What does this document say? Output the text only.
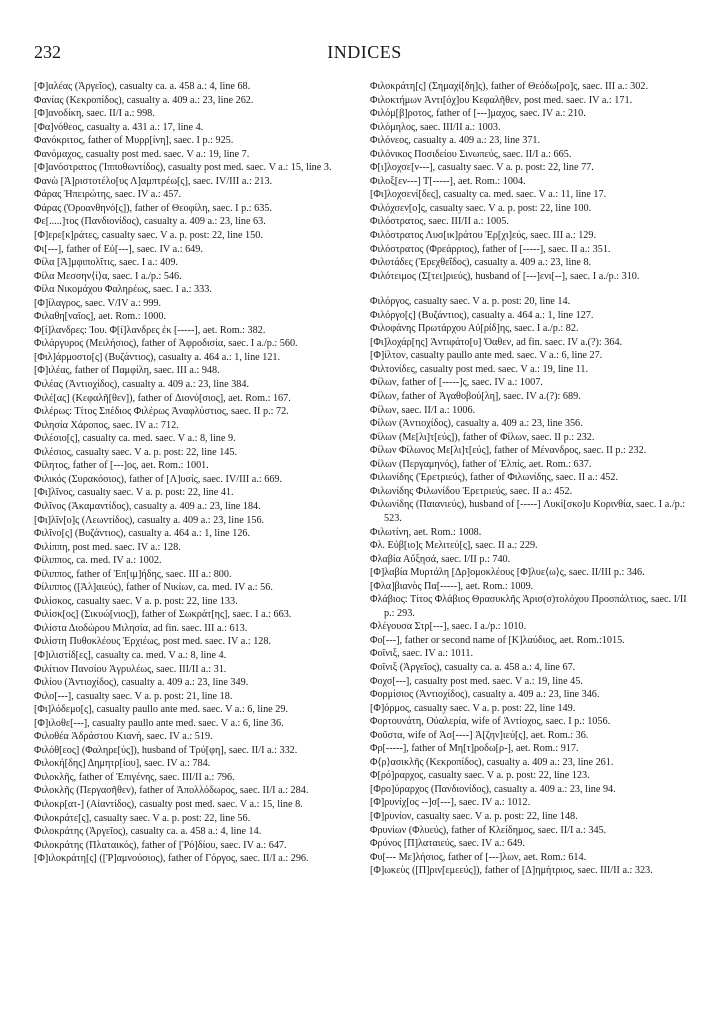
232	INDICES

[Φ]αλέας (Ἀργεῖος), casualty ca. a. 458 a.: 4, line 68.

Φανίας (Κεκροπίδος), casualty a. 409 a.: 23, line 262.

[Φ]ανοδίκη, saec. II/I a.: 998.

[Φα]νόθεος, casualty a. 431 a.: 17, line 4.

Φανόκριτος, father of Μυρρ[ίνη], saec. I p.: 925.

Φανόμαχος, casualty post med. saec. V a.: 19, line 7.

[Φ]ανόστρατος (Ἱπποθωντίδος), casualty post med. saec. V a.: 15, line 3.

Φανὼ [Ἀ]ριστοτέλο[υς Λ]αμπτρέω[ς], saec. IV/III a.: 213.

Φάρας Ἠπειρώτης, saec. IV a.: 457.

Φάρας (Ὀροανθηνό[ς]), father of Θεοφίλη, saec. I p.: 635.

Φε[.....]τος (Πανδιονίδος), casualty a. 409 a.: 23, line 63.

[Φ]ερε[κ]ράτες, casualty saec. V a. p. post: 22, line 150.

Φι[---], father of Εὐ[---], saec. IV a.: 649.

Φίλα [Ἀ]μφιπολῖτις, saec. I a.: 409.

Φίλα Μεσσην⟨ί⟩α, saec. I a./p.: 546.

Φίλα Νικομάχου Φαληρέως, saec. I a.: 333.

[Φ]ίλαγρος, saec. V/IV a.: 999.

Φιλαθη[ναῖος], aet. Rom.: 1000.

Φ[ί]λανδρες: Ἰου. Φ[ί]λανδρες ἐκ [-----], aet. Rom.: 382.

Φιλάργυρος (Μειλήσιος), father of Ἀφροδισία, saec. I a./p.: 560.

[Φιλ]άρμοστο[ς] (Βυζάντιος), casualty a. 464 a.: 1, line 121.

[Φ]ιλέας, father of Παμφίλη, saec. III a.: 948.

Φιλέας (Ἀντιοχίδος), casualty a. 409 a.: 23, line 384.

Φιλέ[ας] (Κεφαλῆ[θεν]), father of Διονύ[σιος], aet. Rom.: 167.

Φιλέρως: Τίτος Σπέδιος Φιλέρως Ἀναφλύστιος, saec. II p.: 72.

Φιλησία Χάροπος, saec. IV a.: 712.

Φιλέσιο[ς], casualty ca. med. saec. V a.: 8, line 9.

Φιλέσιος, casualty saec. V a. p. post: 22, line 145.

Φίλητος, father of [---]ος, aet. Rom.: 1001.

Φιλικός (Συρακόσιος), father of [Λ]υσίς, saec. IV/III a.: 669.

[Φι]λῖνος, casualty saec. V a. p. post: 22, line 41.

Φιλῖνος (Ἀκαμαντίδος), casualty a. 409 a.: 23, line 184.

[Φι]λῖν[ο]ς (Λεωντίδος), casualty a. 409 a.: 23, line 156.

Φιλῖνο[ς] (Βυζάντιος), casualty a. 464 a.: 1, line 126.

Φιλίππη, post med. saec. IV a.: 128.

Φίλιππος, ca. med. IV a.: 1002.

Φίλιππος, father of Ἐπ[ιμ]ήδης, saec. III a.: 800.

Φίλιππος ([Ἁλ]αιεύς), father of Νικίων, ca. med. IV a.: 56.

Φιλίσκος, casualty saec. V a. p. post: 22, line 133.

Φιλίσκ[ος] (Σικυώ[νιος]), father of Σωκράτ[ης], saec. I a.: 663.

Φιλίστα Διοδώρου Μιλησία, ad fin. saec. III a.: 613.

Φιλίστη Πυθοκλέους Ἐρχιέως, post med. saec. IV a.: 128.

[Φ]ιλιστίδ[ες], casualty ca. med. V a.: 8, line 4.

Φιλίτιον Πανσίου Ἀγρυλέως, saec. III/II a.: 31.

Φιλίου (Ἀντιοχίδος), casualty a. 409 a.: 23, line 349.

Φιλο[---], casualty saec. V a. p. post: 21, line 18.

[Φι]λόδεμο[ς], casualty paullo ante med. saec. V a.: 6, line 29.

[Φ]ιλοθε[---], casualty paullo ante med. saec. V a.: 6, line 36.

Φιλοθέα Ἀδράστου Κιανή, saec. IV a.: 519.

Φιλόθ[εος] (Φαληρε[ύς]), husband of Τρύ[φη], saec. II/I a.: 332.

Φιλοκή[δης] Δημητρ[ίου], saec. IV a.: 784.

Φιλοκλῆς, father of Ἐπιγένης, saec. III/II a.: 796.

Φιλοκλῆς (Περγασῆθεν), father of Ἀπολλόδωρος, saec. II/I a.: 284.

Φιλοκρ[ατ-] (Αἰαντίδος), casualty post med. saec. V a.: 15, line 8.

Φιλοκράτε[ς], casualty saec. V a. p. post: 22, line 56.

Φιλοκράτης (Ἀργεῖος), casualty ca. a. 458 a.: 4, line 14.

Φιλοκράτης (Πλαταικός), father of [Ῥό]δίου, saec. IV a.: 647.

[Φ]ιλοκράτη[ς] ([Ῥ]αμνούσιος), father of Γόργος, saec. II/I a.: 296.

Φιλοκράτη[ς] (Σημαχί[δη]ς), father of Θεόδω[ρο]ς, saec. III a.: 302.

Φιλοκτήμων Ἀντι[όχ]ου Κεφαλῆθεν, post med. saec. IV a.: 171.

Φιλόμ[β]ροτος, father of [---]μαχος, saec. IV a.: 210.

Φιλόμηλος, saec. III/II a.: 1003.

Φιλόνεος, casualty a. 409 a.: 23, line 371.

Φιλόνικος Ποσιδείου Σινωπεύς, saec. II/I a.: 665.

Φ[ι]λοχσε[ν---], casualty saec. V a. p. post: 22, line 77.

Φιλοξ[εν---] Τ[-----], aet. Rom.: 1004.

[Φι]λοχσενί[δες], casualty ca. med. saec. V a.: 11, line 17.

Φιλόχσεν[ο]ς, casualty saec. V a. p. post: 22, line 100.

Φιλόστρατος, saec. III/II a.: 1005.

Φιλόστρατος Λυσ[ικ]ράτου Ἐρ[χι]εύς, saec. III a.: 129.

Φιλόστρατος (Φρεάρριος), father of [-----], saec. II a.: 351.

Φιλοτάδες (Ἐρεχθεΐδος), casualty a. 409 a.: 23, line 8.

Φιλότειμος (Σ[τει]ριεύς), husband of [---]ενι[--], saec. I a./p.: 310.

Φιλόργος, casualty saec. V a. p. post: 20, line 14.

Φιλόργο[ς] (Βυζάντιος), casualty a. 464 a.: 1, line 127.

Φιλοφάνης Πρωτάρχου Αὐ[ρίδ]ης, saec. I a./p.: 82.

[Φι]λοχάρ[ης] Ἀντιφάτο[υ] Ὀαθεν, ad fin. saec. IV a.(?): 364.

[Φ]ίλτον, casualty paullo ante med. saec. V a.: 6, line 27.

Φιλτονίδες, casualty post med. saec. V a.: 19, line 11.

Φίλων, father of [-----]ς, saec. IV a.: 1007.

Φίλων, father of Ἀγαθοβού[λη], saec. IV a.(?): 689.

Φίλων, saec. II/I a.: 1006.

Φίλων (Ἀντιοχίδος), casualty a. 409 a.: 23, line 356.

Φίλων (Με[λι]τ[εύς]), father of Φίλων, saec. II p.: 232.

Φίλων Φίλωνος Με[λι]τ[εύς], father of Μένανδρος, saec. II p.: 232.

Φίλων (Περγαμηνός), father of Ἐλπίς, aet. Rom.: 637.

Φιλωνίδης (Ἐρετριεύς), father of Φιλωνίδης, saec. II a.: 452.

Φιλωνίδης Φιλωνίδου Ἐρετριεύς, saec. II a.: 452.

Φιλωνίδης (Παιανιεύς), husband of [-----] Λυκί[σκο]υ Κορινθία, saec. I a./p.: 523.

Φιλωτίνη, aet. Rom.: 1008.

Φλ. Εὐβ[ιο]ς Μελιτεύ[ς], saec. II a.: 229.

Φλαβία Αὔξησά, saec. I/II p.: 740.

[Φ]λαβία Μυρτάλη [Δρ]ομοκλέους [Φ]λυε⟨ω⟩ς, saec. II/III p.: 346.

[Φλα]βιανὸς Πα[-----], aet. Rom.: 1009.

Φλάβιος: Τίτος Φλάβιος Θρασυκλῆς Ἀρισ(σ)τολόχου Προσπάλτιος, saec. I/II p.: 293.

Φλέγουσα Στρ[---], saec. I a./p.: 1010.

Φο[---], father or second name of [Κ]λαύδιος, aet. Rom.:1015.

Φοῖνιξ, saec. IV a.: 1011.

Φοῖνιξ (Ἀργεῖος), casualty ca. a. 458 a.: 4, line 67.

Φοχσ[---], casualty post med. saec. V a.: 19, line 45.

Φορμίσιος (Ἀντιοχίδος), casualty a. 409 a.: 23, line 346.

[Φ]όρμος, casualty saec. V a. p. post: 22, line 149.

Φορτουνάτη, Οὐαλερία, wife of Ἀντίοχος, saec. I p.: 1056.

Φοῦστα, wife of Ἀσ[----] Ἀ[ζην]ιεύ[ς], aet. Rom.: 36.

Φρ[-----], father of Μη[τ]ροδω[ρ-], aet. Rom.: 917.

Φ⟨ρ⟩ασικλῆς (Κεκροπίδος), casualty a. 409 a.: 23, line 261.

Φ[ρό]ραρχος, casualty saec. V a. p. post: 22, line 123.

[Φρο]ύραρχος (Πανδιονίδος), casualty a. 409 a.: 23, line 94.

[Φ]ρυνίχ[ος --]σ[---], saec. IV a.: 1012.

[Φ]ρυνίον, casualty saec. V a. p. post: 22, line 148.

Φρυνίων (Φλυεύς), father of Κλείδημος, saec. II/I a.: 345.

Φρύνος [Π]λαταιεύς, saec. IV a.: 649.

Φυ[--- Με]λήσιος, father of [---]λων, aet. Rom.: 614.

[Φ]ωκεὺς ([Π]ριν[εμεεύς]), father of [Δ]ημήτριος, saec. III/II a.: 323.
